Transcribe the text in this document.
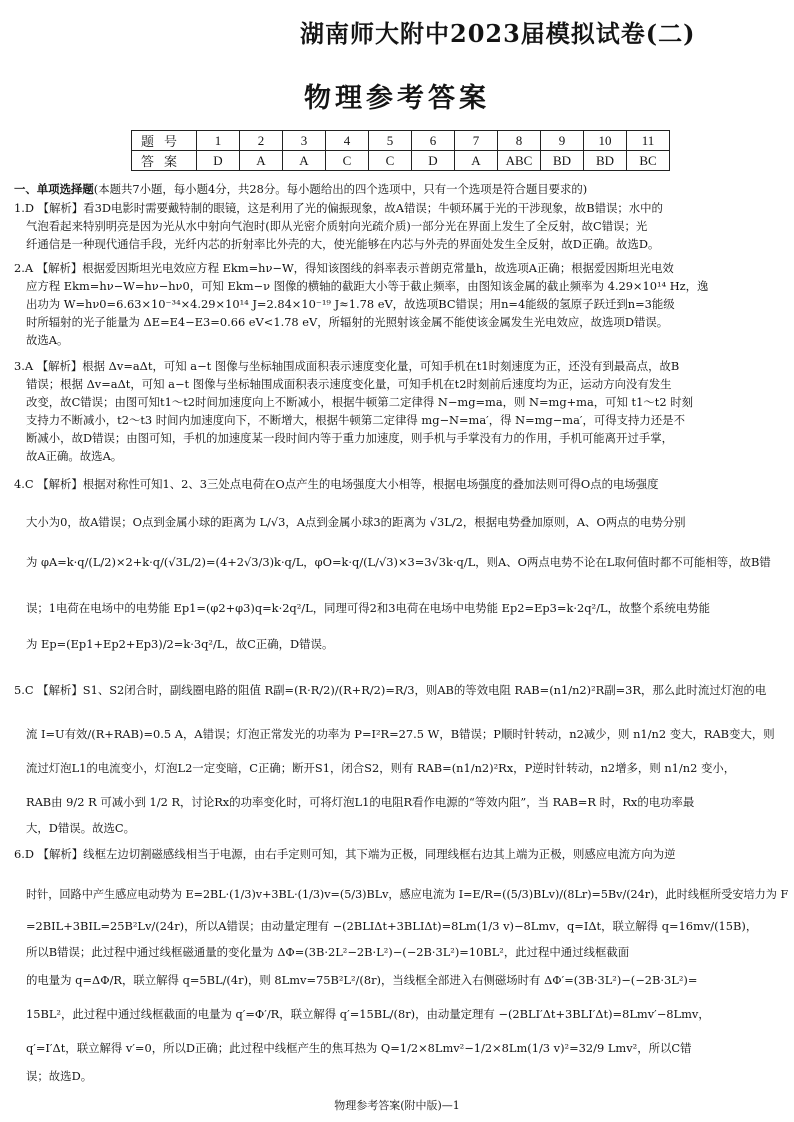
湖南师大附中2023届模拟试卷(二)
物理参考答案
题号	1	2	3	4	5	6	7	8	9	10	11
答案	D	A	A	C	C	D	A	ABC	BD	BD	BC
一、单项选择题(本题共7小题，每小题4分，共28分。每小题给出的四个选项中，只有一个选项是符合题目要求的)
1.D 【解析】看3D电影时需要戴特制的眼镜，这是利用了光的偏振现象，故A错误；牛顿环属于光的干涉现象，故B错误；水中的
气泡看起来特别明亮是因为光从水中射向气泡时(即从光密介质射向光疏介质)一部分光在界面上发生了全反射，故C错误；光
纤通信是一种现代通信手段，光纤内芯的折射率比外壳的大，使光能够在内芯与外壳的界面处发生全反射，故D正确。故选D。
2.A 【解析】根据爱因斯坦光电效应方程 Ekm=hν−W，得知该图线的斜率表示普朗克常量h，故选项A正确；根据爱因斯坦光电效
应方程 Ekm=hν−W=hν−hν0，可知 Ekm−ν 图像的横轴的截距大小等于截止频率，由图知该金属的截止频率为 4.29×10¹⁴ Hz，逸
出功为 W=hν0=6.63×10⁻³⁴×4.29×10¹⁴ J=2.84×10⁻¹⁹ J≈1.78 eV，故选项BC错误；用n=4能级的氢原子跃迁到n=3能级
时所辐射的光子能量为 ΔE=E4−E3=0.66 eV<1.78 eV，所辐射的光照射该金属不能使该金属发生光电效应，故选项D错误。
故选A。
3.A 【解析】根据 Δv=aΔt，可知 a−t 图像与坐标轴围成面积表示速度变化量，可知手机在t1时刻速度为正，还没有到最高点，故B
错误；根据 Δv=aΔt，可知 a−t 图像与坐标轴围成面积表示速度变化量，可知手机在t2时刻前后速度均为正，运动方向没有发生
改变，故C错误；由图可知t1～t2时间加速度向上不断减小，根据牛顿第二定律得 N−mg=ma，则 N=mg+ma，可知 t1～t2 时刻
支持力不断减小，t2～t3 时间内加速度向下，不断增大，根据牛顿第二定律得 mg−N=ma′，得 N=mg−ma′，可得支持力还是不
断减小，故D错误；由图可知，手机的加速度某一段时间内等于重力加速度，则手机与手掌没有力的作用，手机可能离开过手掌，
故A正确。故选A。
4.C 【解析】根据对称性可知1、2、3三处点电荷在O点产生的电场强度大小相等，根据电场强度的叠加法则可得O点的电场强度
大小为0，故A错误；O点到金属小球的距离为 L/√3，A点到金属小球3的距离为 √3L/2，根据电势叠加原则，A、O两点的电势分别
为 φA=k·q/(L/2)×2+k·q/(√3L/2)=(4+2√3/3)k·q/L，φO=k·q/(L/√3)×3=3√3k·q/L，则A、O两点电势不论在L取何值时都不可能相等，故B错
误；1电荷在电场中的电势能 Ep1=(φ2+φ3)q=k·2q²/L，同理可得2和3电荷在电场中电势能 Ep2=Ep3=k·2q²/L，故整个系统电势能
为 Ep=(Ep1+Ep2+Ep3)/2=k·3q²/L，故C正确，D错误。
5.C 【解析】S1、S2闭合时，副线圈电路的阻值 R副=(R·R/2)/(R+R/2)=R/3，则AB的等效电阻 RAB=(n1/n2)²R副=3R，那么此时流过灯泡的电
流 I=U有效/(R+RAB)=0.5 A，A错误；灯泡正常发光的功率为 P=I²R=27.5 W，B错误；P顺时针转动，n2减少，则 n1/n2 变大，RAB变大，则
流过灯泡L1的电流变小，灯泡L2一定变暗，C正确；断开S1，闭合S2，则有 RAB=(n1/n2)²Rx，P逆时针转动，n2增多，则 n1/n2 变小，
RAB由 9/2 R 可减小到 1/2 R，讨论Rx的功率变化时，可将灯泡L1的电阻R看作电源的“等效内阻”，当 RAB=R 时，Rx的电功率最
大，D错误。故选C。
6.D 【解析】线框左边切割磁感线相当于电源，由右手定则可知，其下端为正极，同理线框右边其上端为正极，则感应电流方向为逆
时针，回路中产生感应电动势为 E=2BL·(1/3)v+3BL·(1/3)v=(5/3)BLv，感应电流为 I=E/R=((5/3)BLv)/(8Lr)=5Bv/(24r)，此时线框所受安培力为 F
=2BIL+3BIL=25B²Lv/(24r)，所以A错误；由动量定理有 −(2BLIΔt+3BLIΔt)=8Lm(1/3 v)−8Lmv，q=IΔt，联立解得 q=16mv/(15B)，
所以B错误；此过程中通过线框磁通量的变化量为 ΔΦ=(3B·2L²−2B·L²)−(−2B·3L²)=10BL²，此过程中通过线框截面
的电量为 q=ΔΦ/R，联立解得 q=5BL/(4r)，则 8Lmv=75B²L²/(8r)，当线框全部进入右侧磁场时有 ΔΦ′=(3B·3L²)−(−2B·3L²)=
15BL²，此过程中通过线框截面的电量为 q′=Φ′/R，联立解得 q′=15BL/(8r)，由动量定理有 −(2BLI′Δt+3BLI′Δt)=8Lmv′−8Lmv，
q′=I′Δt，联立解得 v′=0，所以D正确；此过程中线框产生的焦耳热为 Q=1/2×8Lmv²−1/2×8Lm(1/3 v)²=32/9 Lmv²，所以C错
误；故选D。
物理参考答案(附中版)—1
